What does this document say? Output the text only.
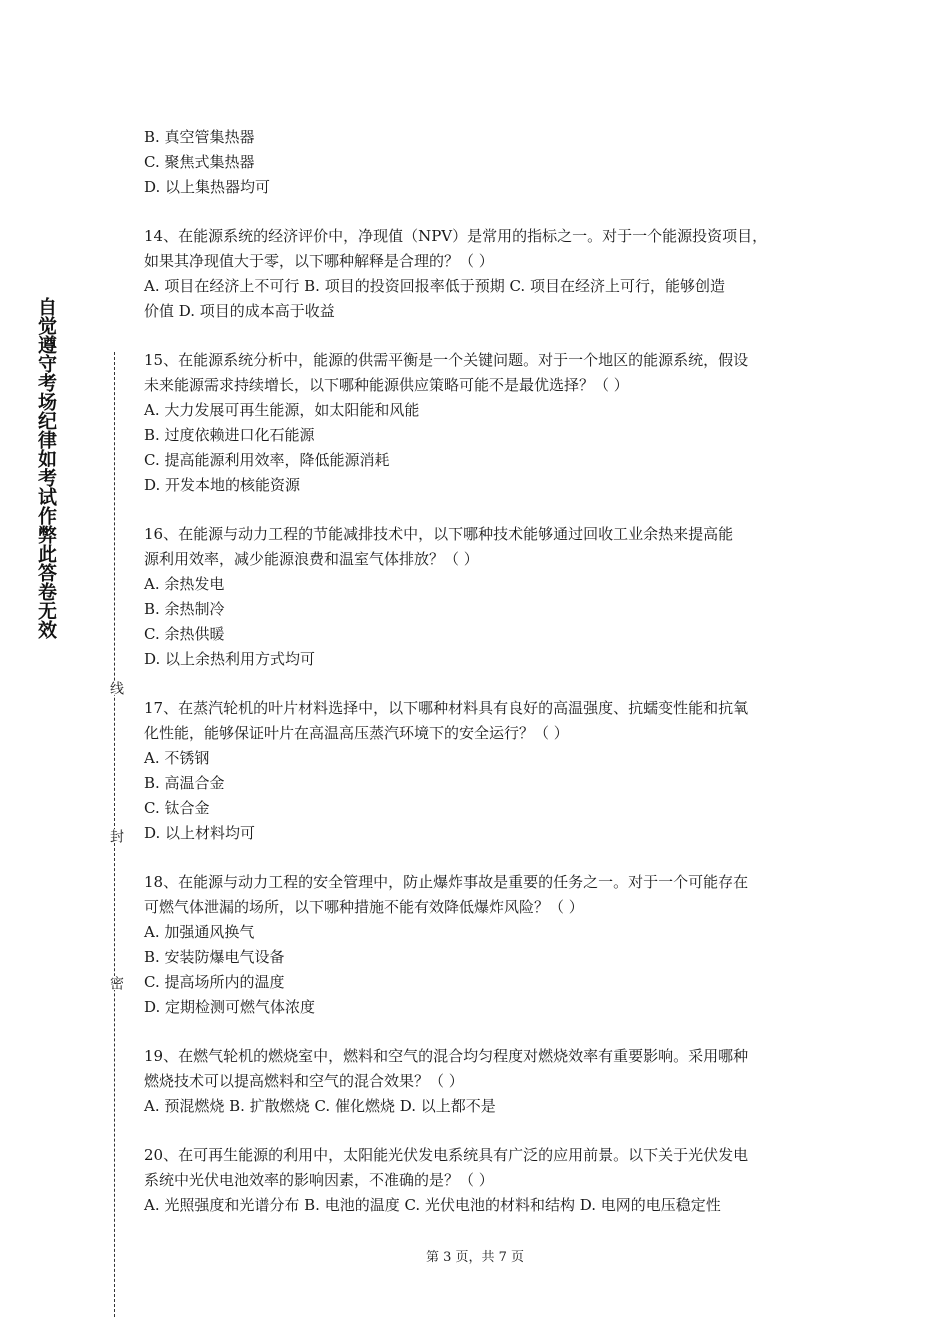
自觉遵守考场纪律如考试作弊此答卷无效
线
封
密
B. 真空管集热器
C. 聚焦式集热器
D. 以上集热器均可
14、在能源系统的经济评价中，净现值（NPV）是常用的指标之一。对于一个能源投资项目，
如果其净现值大于零，以下哪种解释是合理的？（ ）
A. 项目在经济上不可行 B. 项目的投资回报率低于预期 C. 项目在经济上可行，能够创造
价值 D. 项目的成本高于收益
15、在能源系统分析中，能源的供需平衡是一个关键问题。对于一个地区的能源系统，假设
未来能源需求持续增长，以下哪种能源供应策略可能不是最优选择？（ ）
A. 大力发展可再生能源，如太阳能和风能
B. 过度依赖进口化石能源
C. 提高能源利用效率，降低能源消耗
D. 开发本地的核能资源
16、在能源与动力工程的节能减排技术中，以下哪种技术能够通过回收工业余热来提高能
源利用效率，减少能源浪费和温室气体排放？（ ）
A. 余热发电
B. 余热制冷
C. 余热供暖
D. 以上余热利用方式均可
17、在蒸汽轮机的叶片材料选择中，以下哪种材料具有良好的高温强度、抗蠕变性能和抗氧
化性能，能够保证叶片在高温高压蒸汽环境下的安全运行？（ ）
A. 不锈钢
B. 高温合金
C. 钛合金
D. 以上材料均可
18、在能源与动力工程的安全管理中，防止爆炸事故是重要的任务之一。对于一个可能存在
可燃气体泄漏的场所，以下哪种措施不能有效降低爆炸风险？（ ）
A. 加强通风换气
B. 安装防爆电气设备
C. 提高场所内的温度
D. 定期检测可燃气体浓度
19、在燃气轮机的燃烧室中，燃料和空气的混合均匀程度对燃烧效率有重要影响。采用哪种
燃烧技术可以提高燃料和空气的混合效果？（ ）
A. 预混燃烧 B. 扩散燃烧 C. 催化燃烧 D. 以上都不是
20、在可再生能源的利用中，太阳能光伏发电系统具有广泛的应用前景。以下关于光伏发电
系统中光伏电池效率的影响因素，不准确的是？（ ）
A. 光照强度和光谱分布 B. 电池的温度 C. 光伏电池的材料和结构 D. 电网的电压稳定性
第 3 页，共 7 页
